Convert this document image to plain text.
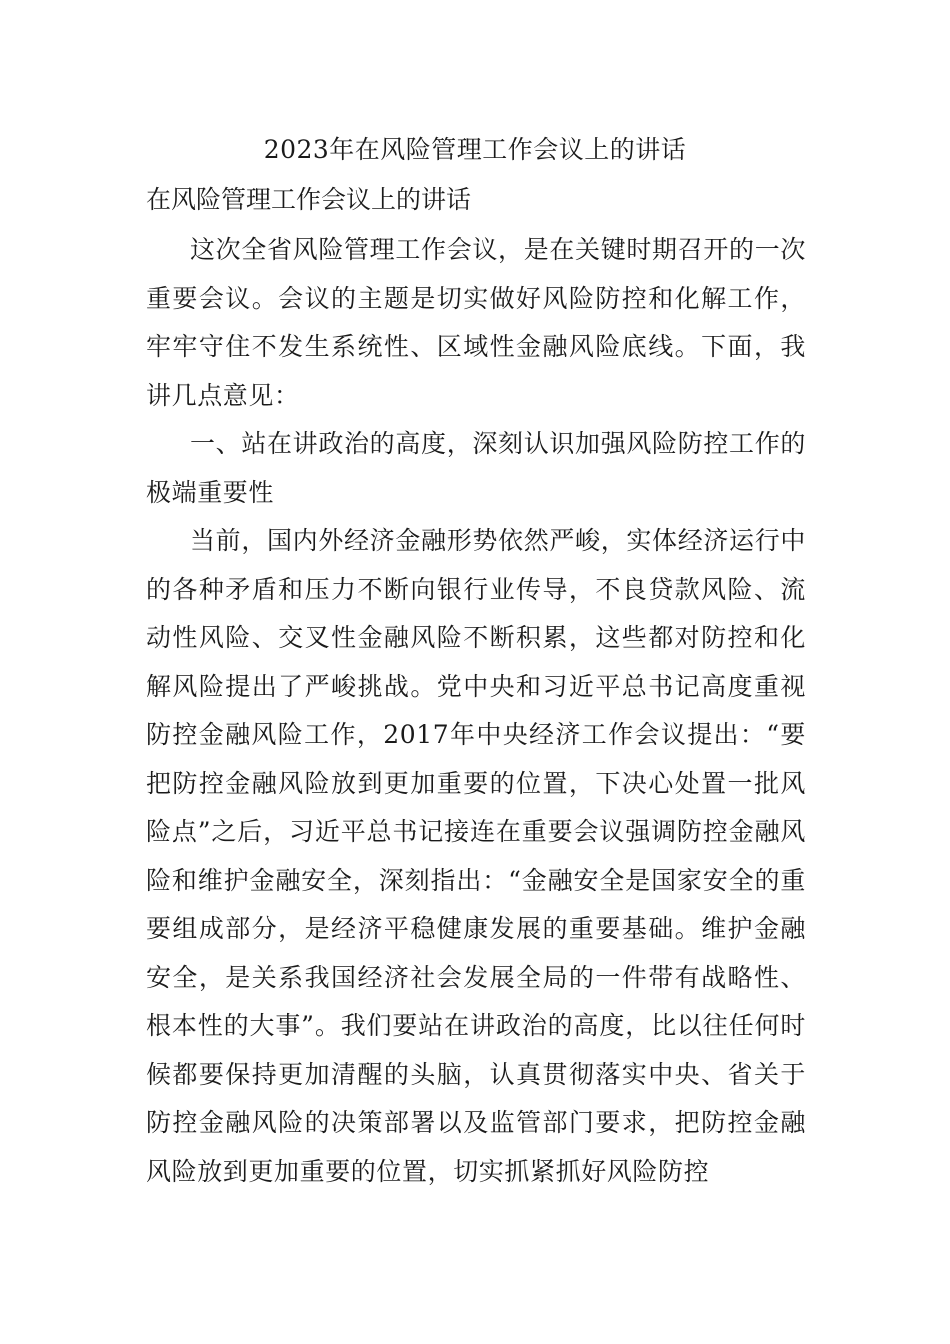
2023年在风险管理工作会议上的讲话
在风险管理工作会议上的讲话

这次全省风险管理工作会议，是在关键时期召开的一次重要会议。会议的主题是切实做好风险防控和化解工作，牢牢守住不发生系统性、区域性金融风险底线。下面，我讲几点意见：

一、站在讲政治的高度，深刻认识加强风险防控工作的极端重要性

当前，国内外经济金融形势依然严峻，实体经济运行中的各种矛盾和压力不断向银行业传导，不良贷款风险、流动性风险、交叉性金融风险不断积累，这些都对防控和化解风险提出了严峻挑战。党中央和习近平总书记高度重视防控金融风险工作，2017年中央经济工作会议提出：“要把防控金融风险放到更加重要的位置，下决心处置一批风险点”之后，习近平总书记接连在重要会议强调防控金融风险和维护金融安全，深刻指出：“金融安全是国家安全的重要组成部分，是经济平稳健康发展的重要基础。维护金融安全，是关系我国经济社会发展全局的一件带有战略性、根本性的大事”。我们要站在讲政治的高度，比以往任何时候都要保持更加清醒的头脑，认真贯彻落实中央、省关于防控金融风险的决策部署以及监管部门要求，把防控金融风险放到更加重要的位置，切实抓紧抓好风险防控
